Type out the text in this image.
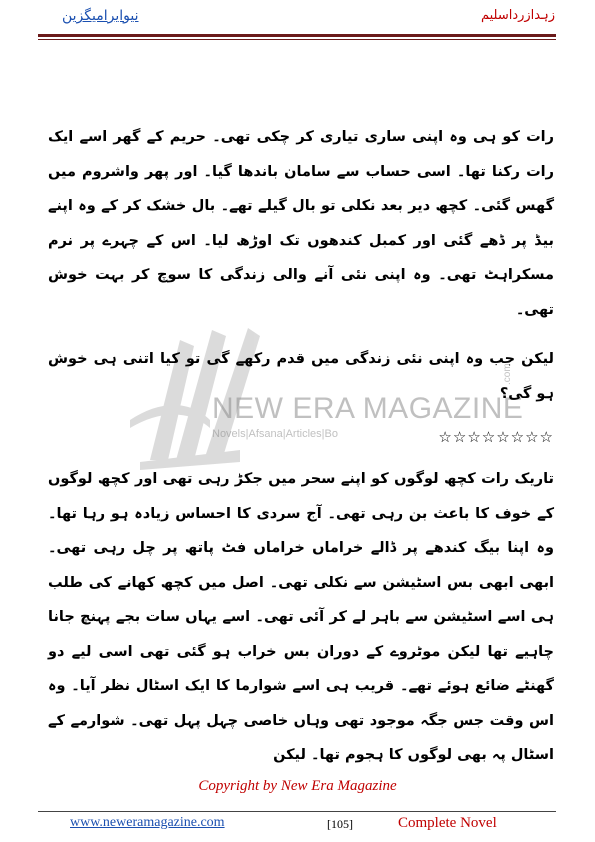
زہدازرداسلیم
نیوایرامیگزین
NEW ERA MAGAZINE
Novels|Afsana|Articles|Bo
.com

رات کو ہی وہ اپنی ساری تیاری کر چکی تھی۔ حریم کے گھر اسے ایک رات رکنا تھا۔ اسی حساب سے سامان باندھا گیا۔ اور پھر واشروم میں گھس گئی۔ کچھ دیر بعد نکلی تو بال گیلے تھے۔ بال خشک کر کے وہ اپنے بیڈ پر ڈھے گئی اور کمبل کندھوں تک اوڑھ لیا۔ اس کے چہرے پر نرم مسکراہٹ تھی۔ وہ اپنی نئی آنے والی زندگی کا سوچ کر بہت خوش تھی۔

لیکن جب وہ اپنی نئی زندگی میں قدم رکھے گی تو کیا اتنی ہی خوش ہو گی؟

☆☆☆☆☆☆☆☆

تاریک رات کچھ لوگوں کو اپنے سحر میں جکڑ رہی تھی اور کچھ لوگوں کے خوف کا باعث بن رہی تھی۔ آج سردی کا احساس زیادہ ہو رہا تھا۔ وہ اپنا بیگ کندھے پر ڈالے خراماں خراماں فٹ پاتھ پر چل رہی تھی۔ ابھی ابھی بس اسٹیشن سے نکلی تھی۔ اصل میں کچھ کھانے کی طلب ہی اسے اسٹیشن سے باہر لے کر آئی تھی۔ اسے یہاں سات بجے پہنچ جانا چاہیے تھا لیکن موٹروے کے دوران بس خراب ہو گئی تھی اسی لیے دو گھنٹے ضائع ہوئے تھے۔ قریب ہی اسے شوارما کا ایک اسٹال نظر آیا۔ وہ اس وقت جس جگہ موجود تھی وہاں خاصی چہل پہل تھی۔ شوارمے کے اسٹال پہ بھی لوگوں کا ہجوم تھا۔ لیکن

Copyright by New Era Magazine
www.neweramagazine.com	[105]	Complete Novel
